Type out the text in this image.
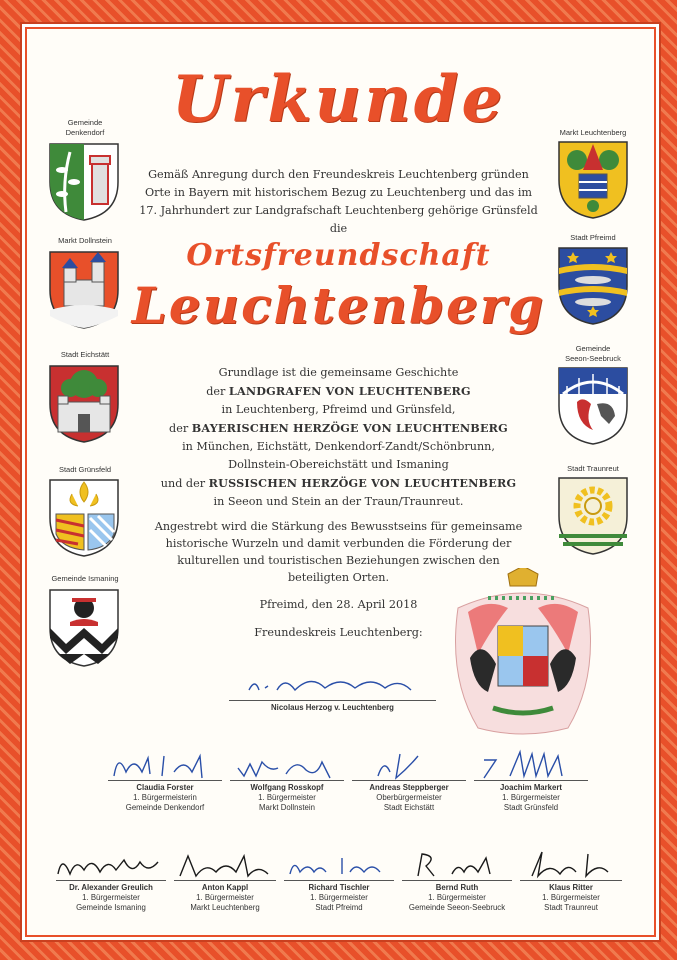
Urkunde
Gemäß Anregung durch den Freundeskreis Leuchtenberg gründen
Orte in Bayern mit historischem Bezug zu Leuchtenberg und das im
17. Jahrhundert zur Landgrafschaft Leuchtenberg gehörige Grünsfeld die
Ortsfreundschaft
Leuchtenberg
Grundlage ist die gemeinsame Geschichte
der LANDGRAFEN VON LEUCHTENBERG
in Leuchtenberg, Pfreimd und Grünsfeld,
der BAYERISCHEN HERZÖGE VON LEUCHTENBERG
in München, Eichstätt, Denkendorf-Zandt/Schönbrunn,
Dollnstein-Obereichstätt und Ismaning
und der RUSSISCHEN HERZÖGE VON LEUCHTENBERG
in Seeon und Stein an der Traun/Traunreut.
Angestrebt wird die Stärkung des Bewusstseins für gemeinsame
historische Wurzeln und damit verbunden die Förderung der
kulturellen und touristischen Beziehungen zwischen den
beteiligten Orten.
Pfreimd, den 28. April 2018
Freundeskreis Leuchtenberg:
Gemeinde
Denkendorf
Markt Dollnstein
Stadt Eichstätt
Stadt Grünsfeld
Gemeinde Ismaning
Markt Leuchtenberg
Stadt Pfreimd
Gemeinde
Seeon-Seebruck
Stadt Traunreut
Nicolaus Herzog v. Leuchtenberg
Claudia Forster
1. Bürgermeisterin
Gemeinde Denkendorf
Wolfgang Rosskopf
1. Bürgermeister
Markt Dollnstein
Andreas Steppberger
Oberbürgermeister
Stadt Eichstätt
Joachim Markert
1. Bürgermeister
Stadt Grünsfeld
Dr. Alexander Greulich
1. Bürgermeister
Gemeinde Ismaning
Anton Kappl
1. Bürgermeister
Markt Leuchtenberg
Richard Tischler
1. Bürgermeister
Stadt Pfreimd
Bernd Ruth
1. Bürgermeister
Gemeinde Seeon-Seebruck
Klaus Ritter
1. Bürgermeister
Stadt Traunreut
